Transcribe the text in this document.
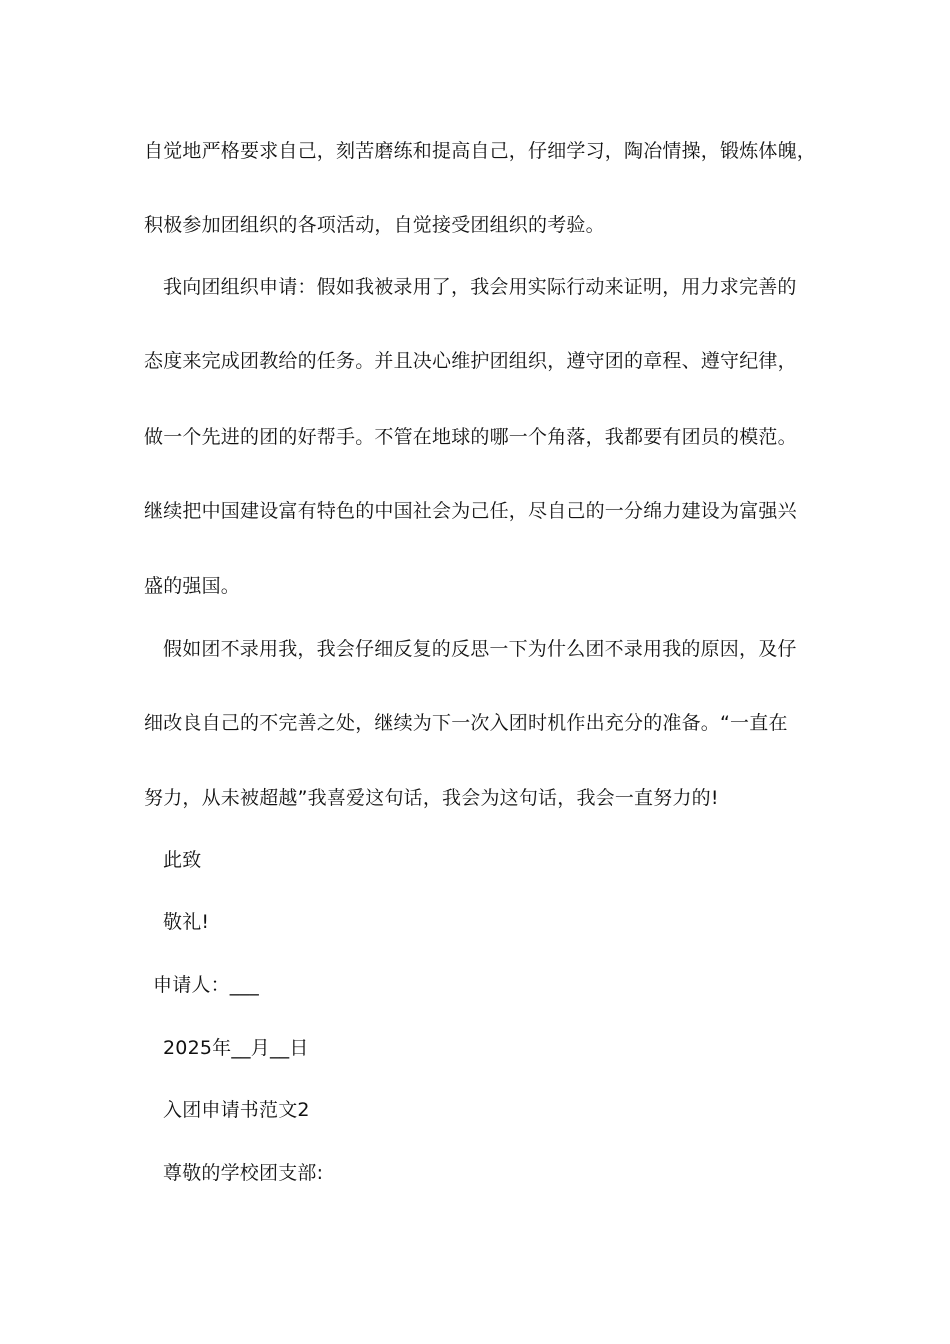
自觉地严格要求自己，刻苦磨练和提高自己，仔细学习，陶冶情操，锻炼体魄，
积极参加团组织的各项活动，自觉接受团组织的考验。
我向团组织申请：假如我被录用了，我会用实际行动来证明，用力求完善的
态度来完成团教给的任务。并且决心维护团组织，遵守团的章程、遵守纪律，
做一个先进的团的好帮手。不管在地球的哪一个角落，我都要有团员的模范。
继续把中国建设富有特色的中国社会为己任，尽自己的一分绵力建设为富强兴
盛的强国。
假如团不录用我，我会仔细反复的反思一下为什么团不录用我的原因，及仔
细改良自己的不完善之处，继续为下一次入团时机作出充分的准备。“一直在
努力，从未被超越”我喜爱这句话，我会为这句话，我会一直努力的!
此致
敬礼!
申请人：___
2025年__月__日
入团申请书范文2
尊敬的学校团支部:
